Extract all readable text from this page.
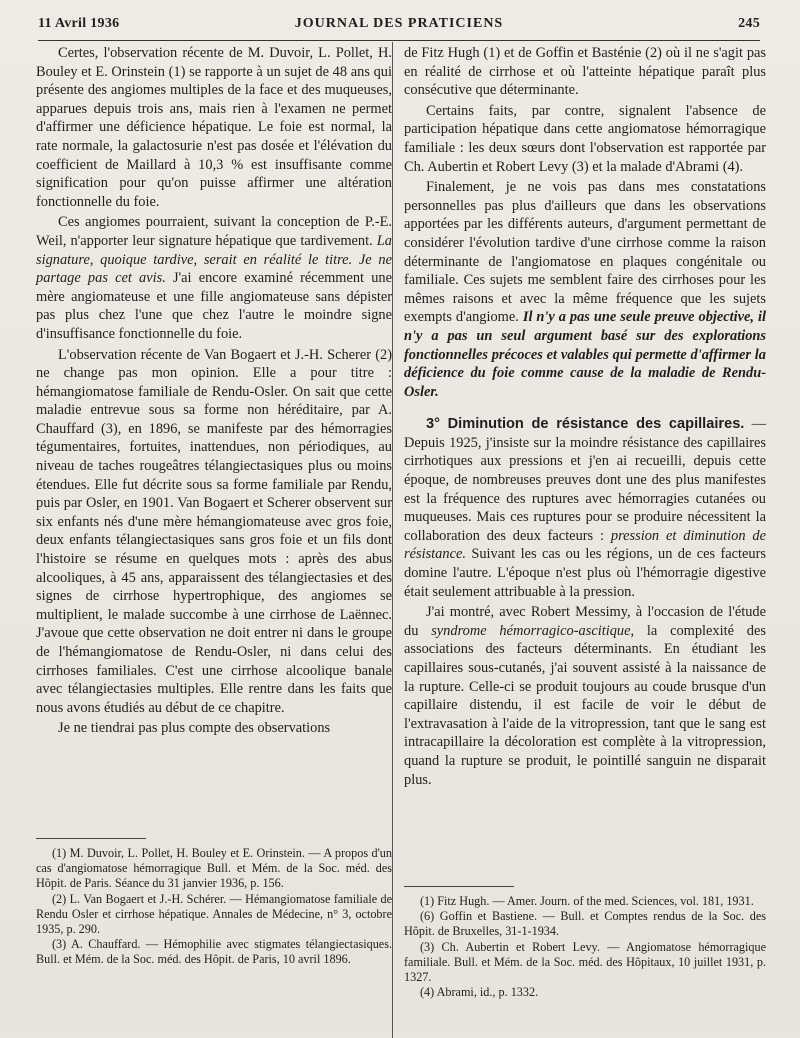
11 Avril 1936	JOURNAL DES PRATICIENS	245

Certes, l'observation récente de M. Duvoir, L. Pollet, H. Bouley et E. Orinstein (1) se rapporte à un sujet de 48 ans qui présente des angiomes multiples de la face et des muqueuses, apparues depuis trois ans, mais rien à l'examen ne permet d'affirmer une déficience hépatique. Le foie est normal, la rate normale, la galactosurie n'est pas dosée et l'élévation du coefficient de Maillard à 10,3 % est insuffisante comme signification pour qu'on puisse affirmer une altération fonctionnelle du foie.

Ces angiomes pourraient, suivant la conception de P.-E. Weil, n'apporter leur signature hépatique que tardivement. La signature, quoique tardive, serait en réalité le titre. Je ne partage pas cet avis. J'ai encore examiné récemment une mère angiomateuse et une fille angiomateuse sans dépister pas plus chez l'une que chez l'autre le moindre signe d'insuffisance fonctionnelle du foie.

L'observation récente de Van Bogaert et J.-H. Scherer (2) ne change pas mon opinion. Elle a pour titre : hémangiomatose familiale de Rendu-Osler. On sait que cette maladie entrevue sous sa forme non héréditaire, par A. Chauffard (3), en 1896, se manifeste par des hémorragies tégumentaires, fortuites, inattendues, non périodiques, au niveau de taches rougeâtres télangiectasiques plus ou moins étendues. Elle fut décrite sous sa forme familiale par Rendu, puis par Osler, en 1901. Van Bogaert et Scherer observent sur six enfants nés d'une mère hémangiomateuse avec gros foie, deux enfants télangiectasiques sans gros foie et un fils dont l'histoire se résume en quelques mots : après des abus alcooliques, à 45 ans, apparaissent des télangiectasies et des signes de cirrhose hypertrophique, des angiomes se multiplient, le malade succombe à une cirrhose de Laënnec. J'avoue que cette observation ne doit entrer ni dans le groupe de l'hémangiomatose de Rendu-Osler, ni dans celui des cirrhoses familiales. C'est une cirrhose alcoolique banale avec télangiectasies multiples. Elle rentre dans les faits que nous avons étudiés au début de ce chapitre.

Je ne tiendrai pas plus compte des observations

(1) M. Duvoir, L. Pollet, H. Bouley et E. Orinstein. — A propos d'un cas d'angiomatose hémorragique Bull. et Mém. de la Soc. méd. des Hôpit. de Paris. Séance du 31 janvier 1936, p. 156.

(2) L. Van Bogaert et J.-H. Schérer. — Hémangiomatose familiale de Rendu Osler et cirrhose hépatique. Annales de Médecine, n° 3, octobre 1935, p. 290.

(3) A. Chauffard. — Hémophilie avec stigmates télangiectasiques. Bull. et Mém. de la Soc. méd. des Hôpit. de Paris, 10 avril 1896.

de Fitz Hugh (1) et de Goffin et Basténie (2) où il ne s'agit pas en réalité de cirrhose et où l'atteinte hépatique paraît plus consécutive que déterminante.

Certains faits, par contre, signalent l'absence de participation hépatique dans cette angiomatose hémorragique familiale : les deux sœurs dont l'observation est rapportée par Ch. Aubertin et Robert Levy (3) et la malade d'Abrami (4).

Finalement, je ne vois pas dans mes constatations personnelles pas plus d'ailleurs que dans les observations apportées par les différents auteurs, d'argument permettant de considérer l'évolution tardive d'une cirrhose comme la raison déterminante de l'angiomatose en plaques congénitale ou familiale. Ces sujets me semblent faire des cirrhoses pour les mêmes raisons et avec la même fréquence que les sujets exempts d'angiome. Il n'y a pas une seule preuve objective, il n'y a pas un seul argument basé sur des explorations fonctionnelles précoces et valables qui permette d'affirmer la déficience du foie comme cause de la maladie de Rendu-Osler.

3° Diminution de résistance des capillaires. — Depuis 1925, j'insiste sur la moindre résistance des capillaires cirrhotiques aux pressions et j'en ai recueilli, depuis cette époque, de nombreuses preuves dont une des plus manifestes est la fréquence des ruptures avec hémorragies cutanées ou muqueuses. Mais ces ruptures pour se produire nécessitent la collaboration des deux facteurs : pression et diminution de résistance. Suivant les cas ou les régions, un de ces facteurs domine l'autre. L'époque n'est plus où l'hémorragie digestive était seulement attribuable à la pression.

J'ai montré, avec Robert Messimy, à l'occasion de l'étude du syndrome hémorragico-ascitique, la complexité des associations des facteurs déterminants. En étudiant les capillaires sous-cutanés, j'ai souvent assisté à la naissance de la rupture. Celle-ci se produit toujours au coude brusque d'un capillaire distendu, il est facile de voir le début de l'extravasation à l'aide de la vitropression, tant que le sang est intracapillaire la décoloration est complète à la vitropression, quand la rupture se produit, le pointillé sanguin ne disparait plus.

(1) Fitz Hugh. — Amer. Journ. of the med. Sciences, vol. 181, 1931.

(6) Goffin et Bastiene. — Bull. et Comptes rendus de la Soc. des Hôpit. de Bruxelles, 31-1-1934.

(3) Ch. Aubertin et Robert Levy. — Angiomatose hémorragique familiale. Bull. et Mém. de la Soc. méd. des Hôpitaux, 10 juillet 1931, p. 1327.

(4) Abrami, id., p. 1332.
